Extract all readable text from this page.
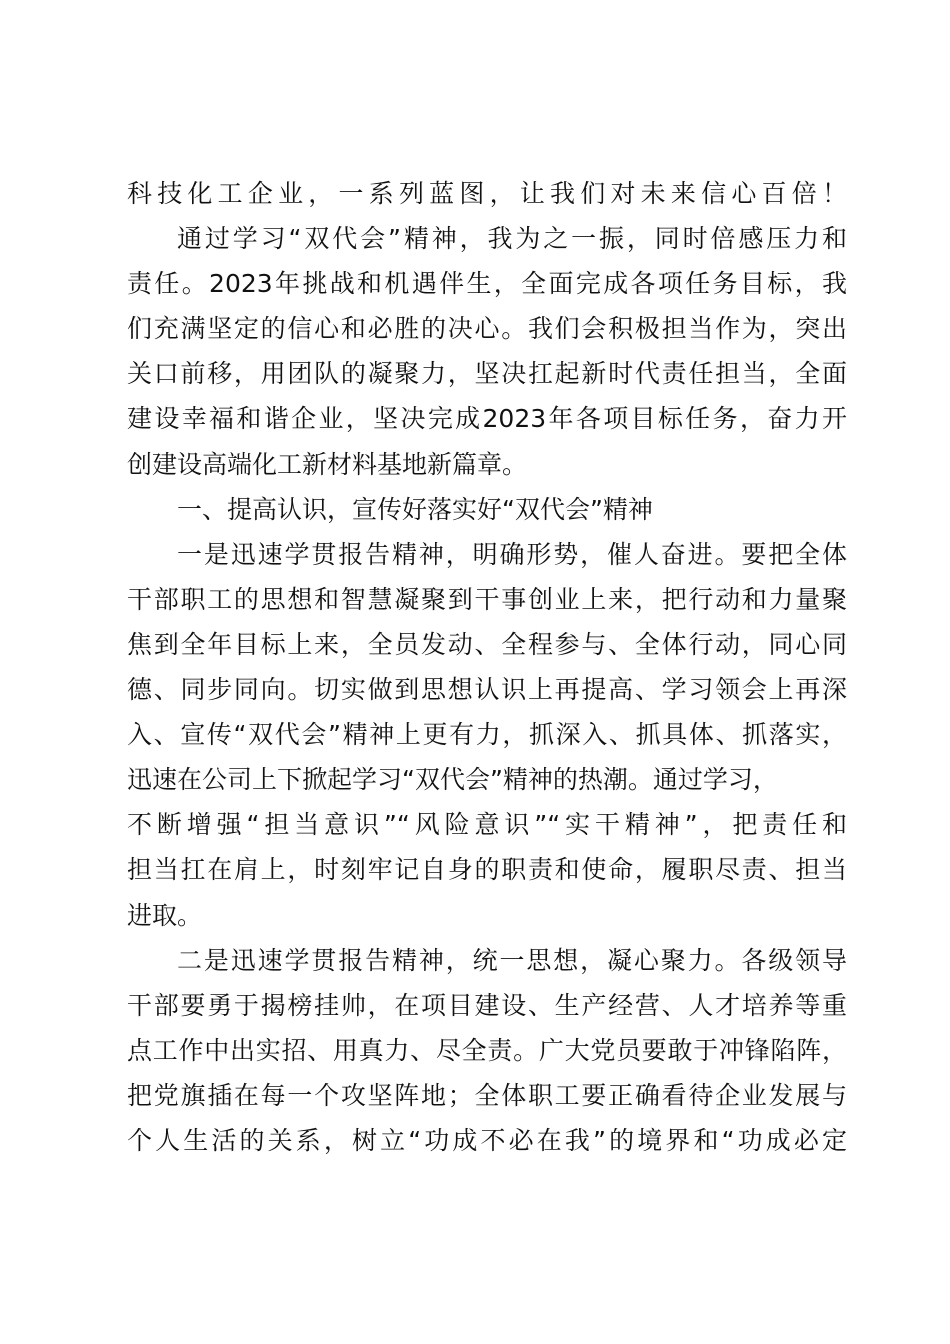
科技化工企业，一系列蓝图，让我们对未来信心百倍！
通过学习“双代会”精神，我为之一振，同时倍感压力和
责任。2023年挑战和机遇伴生，全面完成各项任务目标，我
们充满坚定的信心和必胜的决心。我们会积极担当作为，突出
关口前移，用团队的凝聚力，坚决扛起新时代责任担当，全面
建设幸福和谐企业，坚决完成2023年各项目标任务，奋力开
创建设高端化工新材料基地新篇章。
一、提高认识，宣传好落实好“双代会”精神
一是迅速学贯报告精神，明确形势，催人奋进。要把全体
干部职工的思想和智慧凝聚到干事创业上来，把行动和力量聚
焦到全年目标上来，全员发动、全程参与、全体行动，同心同
德、同步同向。切实做到思想认识上再提高、学习领会上再深
入、宣传“双代会”精神上更有力，抓深入、抓具体、抓落实，
迅速在公司上下掀起学习“双代会”精神的热潮。通过学习，
不断增强“担当意识”“风险意识”“实干精神”，把责任和
担当扛在肩上，时刻牢记自身的职责和使命，履职尽责、担当
进取。
二是迅速学贯报告精神，统一思想，凝心聚力。各级领导
干部要勇于揭榜挂帅，在项目建设、生产经营、人才培养等重
点工作中出实招、用真力、尽全责。广大党员要敢于冲锋陷阵，
把党旗插在每一个攻坚阵地；全体职工要正确看待企业发展与
个人生活的关系，树立“功成不必在我”的境界和“功成必定
